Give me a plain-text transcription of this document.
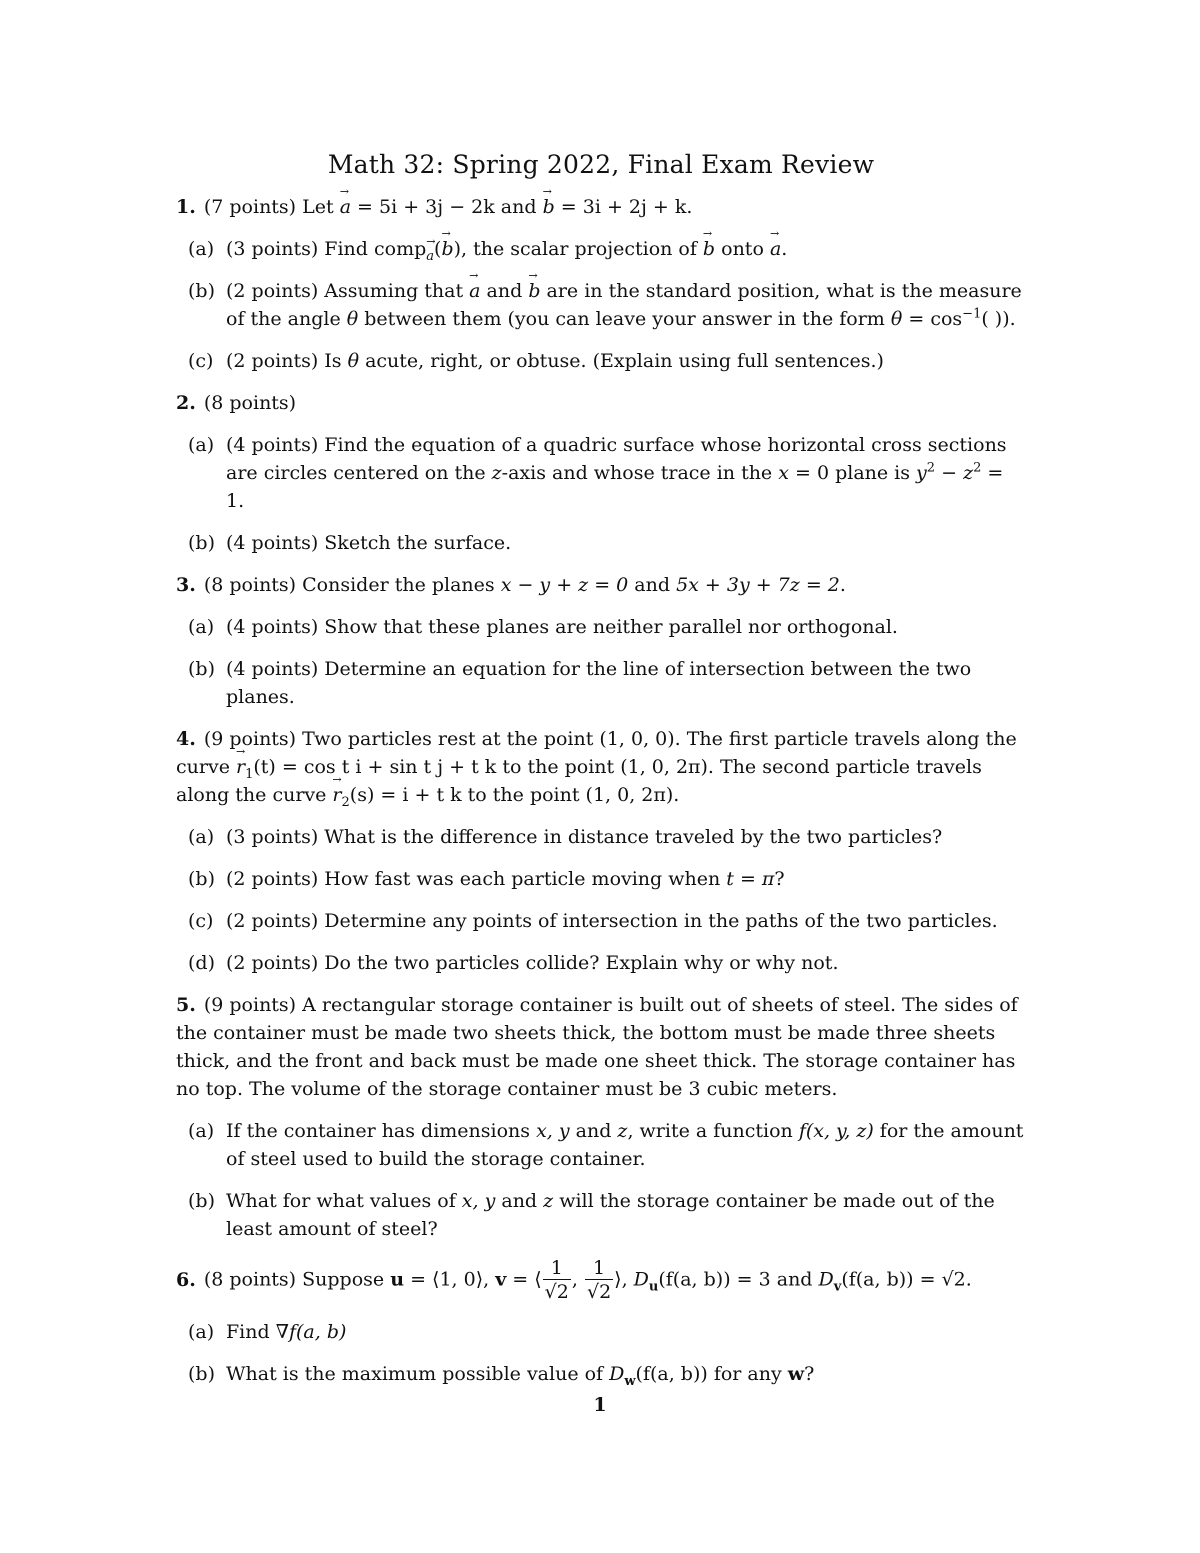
Math 32: Spring 2022, Final Exam Review
1. (7 points) Let → a = 5i + 3j − 2k and → b = 3i + 2j + k.
(a) (3 points) Find comp$_a$(→ b), the scalar projection of → b onto → a.
(b) (2 points) Assuming that → a and → b are in the standard position, what is the measure of the angle θ between them (you can leave your answer in the form $\theta = \cos^{-1}$( )).
(c) (2 points) Is θ acute, right, or obtuse. (Explain using full sentences.)
2. (8 points)
(a) (4 points) Find the equation of a quadric surface whose horizontal cross sections are circles centered on the z-axis and whose trace in the x = 0 plane is $y^2 - z^2 = 1$.
(b) (4 points) Sketch the surface.
3. (8 points) Consider the planes x − y + z = 0 and 5x + 3y + 7z = 2.
(a) (4 points) Show that these planes are neither parallel nor orthogonal.
(b) (4 points) Determine an equation for the line of intersection between the two planes.
4. (9 points) Two particles rest at the point (1, 0, 0). The first particle travels along the curve → $r_1(t) = \cos t$ i + sin t j + t k to the point (1, 0, 2π). The second particle travels along the curve → $r_2(s) = i + t$ k to the point (1, 0, 2π).
(a) (3 points) What is the difference in distance traveled by the two particles?
(b) (2 points) How fast was each particle moving when t = π?
(c) (2 points) Determine any points of intersection in the paths of the two particles.
(d) (2 points) Do the two particles collide? Explain why or why not.
5. (9 points) A rectangular storage container is built out of sheets of steel. The sides of the container must be made two sheets thick, the bottom must be made three sheets thick, and the front and back must be made one sheet thick. The storage container has no top. The volume of the storage container must be 3 cubic meters.
(a) If the container has dimensions x, y and z, write a function f(x, y, z) for the amount of steel used to build the storage container.
(b) What for what values of x, y and z will the storage container be made out of the least amount of steel?
6. (8 points) Suppose u = ⟨1, 0⟩, v = ⟨ $\frac{1}{√2}$ , $\frac{1}{√2}$ ⟩, $D_u(f(a$, b)) = 3 and $D_v(f(a$, b)) = √2.
(a) Find ∇f(a, b)
(b) What is the maximum possible value of $D_w(f(a$, b)) for any w?
1
